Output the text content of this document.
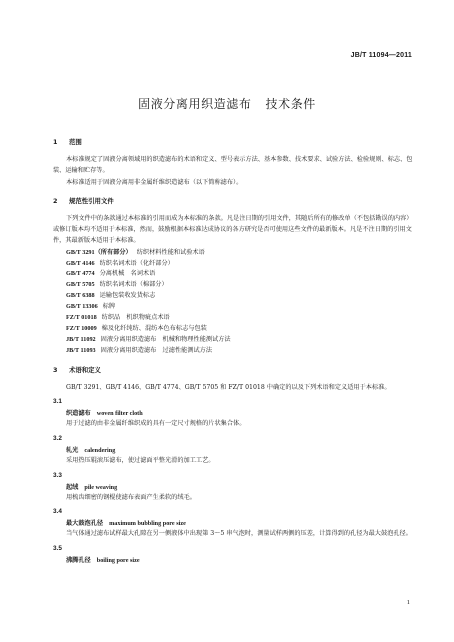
JB/T 11094—2011
固液分离用织造滤布 技术条件
1 范围
本标准规定了固液分离领域用的织造滤布的术语和定义、型号表示方法、基本参数、技术要求、试验方法、检验规则、标志、包装、运输和贮存等。
本标准适用于固液分离用非金属纤维织造滤布（以下简称滤布）。
2 规范性引用文件
下列文件中的条款通过本标准的引用而成为本标准的条款。凡是注日期的引用文件，其随后所有的修改单（不包括勘误的内容）或修订版本均不适用于本标准，然而，鼓励根据本标准达成协议的各方研究是否可使用这些文件的最新版本。凡是不注日期的引用文件，其最新版本适用于本标准。
GB/T 3291（所有部分） 纺织材料性能和试验术语
GB/T 4146 纺织名词术语（化纤部分）
GB/T 4774 分离机械　名词术语
GB/T 5705 纺织名词术语（棉部分）
GB/T 6388 运输包装收发货标志
GB/T 13306 标牌
FZ/T 01018 纺织品　机织物疵点术语
FZ/T 10009 棉及化纤纯纺、混纺本色布标志与包装
JB/T 11092 固液分离用织造滤布　机械和物理性能测试方法
JB/T 11093 固液分离用织造滤布　过滤性能测试方法
3 术语和定义
GB/T 3291、GB/T 4146、GB/T 4774、GB/T 5705 和 FZ/T 01018 中确定的以及下列术语和定义适用于本标准。
3.1
织造滤布 woven filter cloth
用于过滤的由非金属纤维织成的具有一定尺寸规格的片状集合体。
3.2
轧光 calendering
采用热压辊滚压滤布，使过滤面平整光滑的加工工艺。
3.3
起绒 pile weaving
用梳齿细密的钢棍使滤布表面产生柔软的绒毛。
3.4
最大鼓泡孔径 maximum bubbling pore size
当气体通过滤布试样最大孔隙在另一侧液体中出现第 3～5 串气泡时，测量试样两侧的压差，计算得到的孔径为最大鼓泡孔径。
3.5
沸腾孔径 boiling pore size
1
